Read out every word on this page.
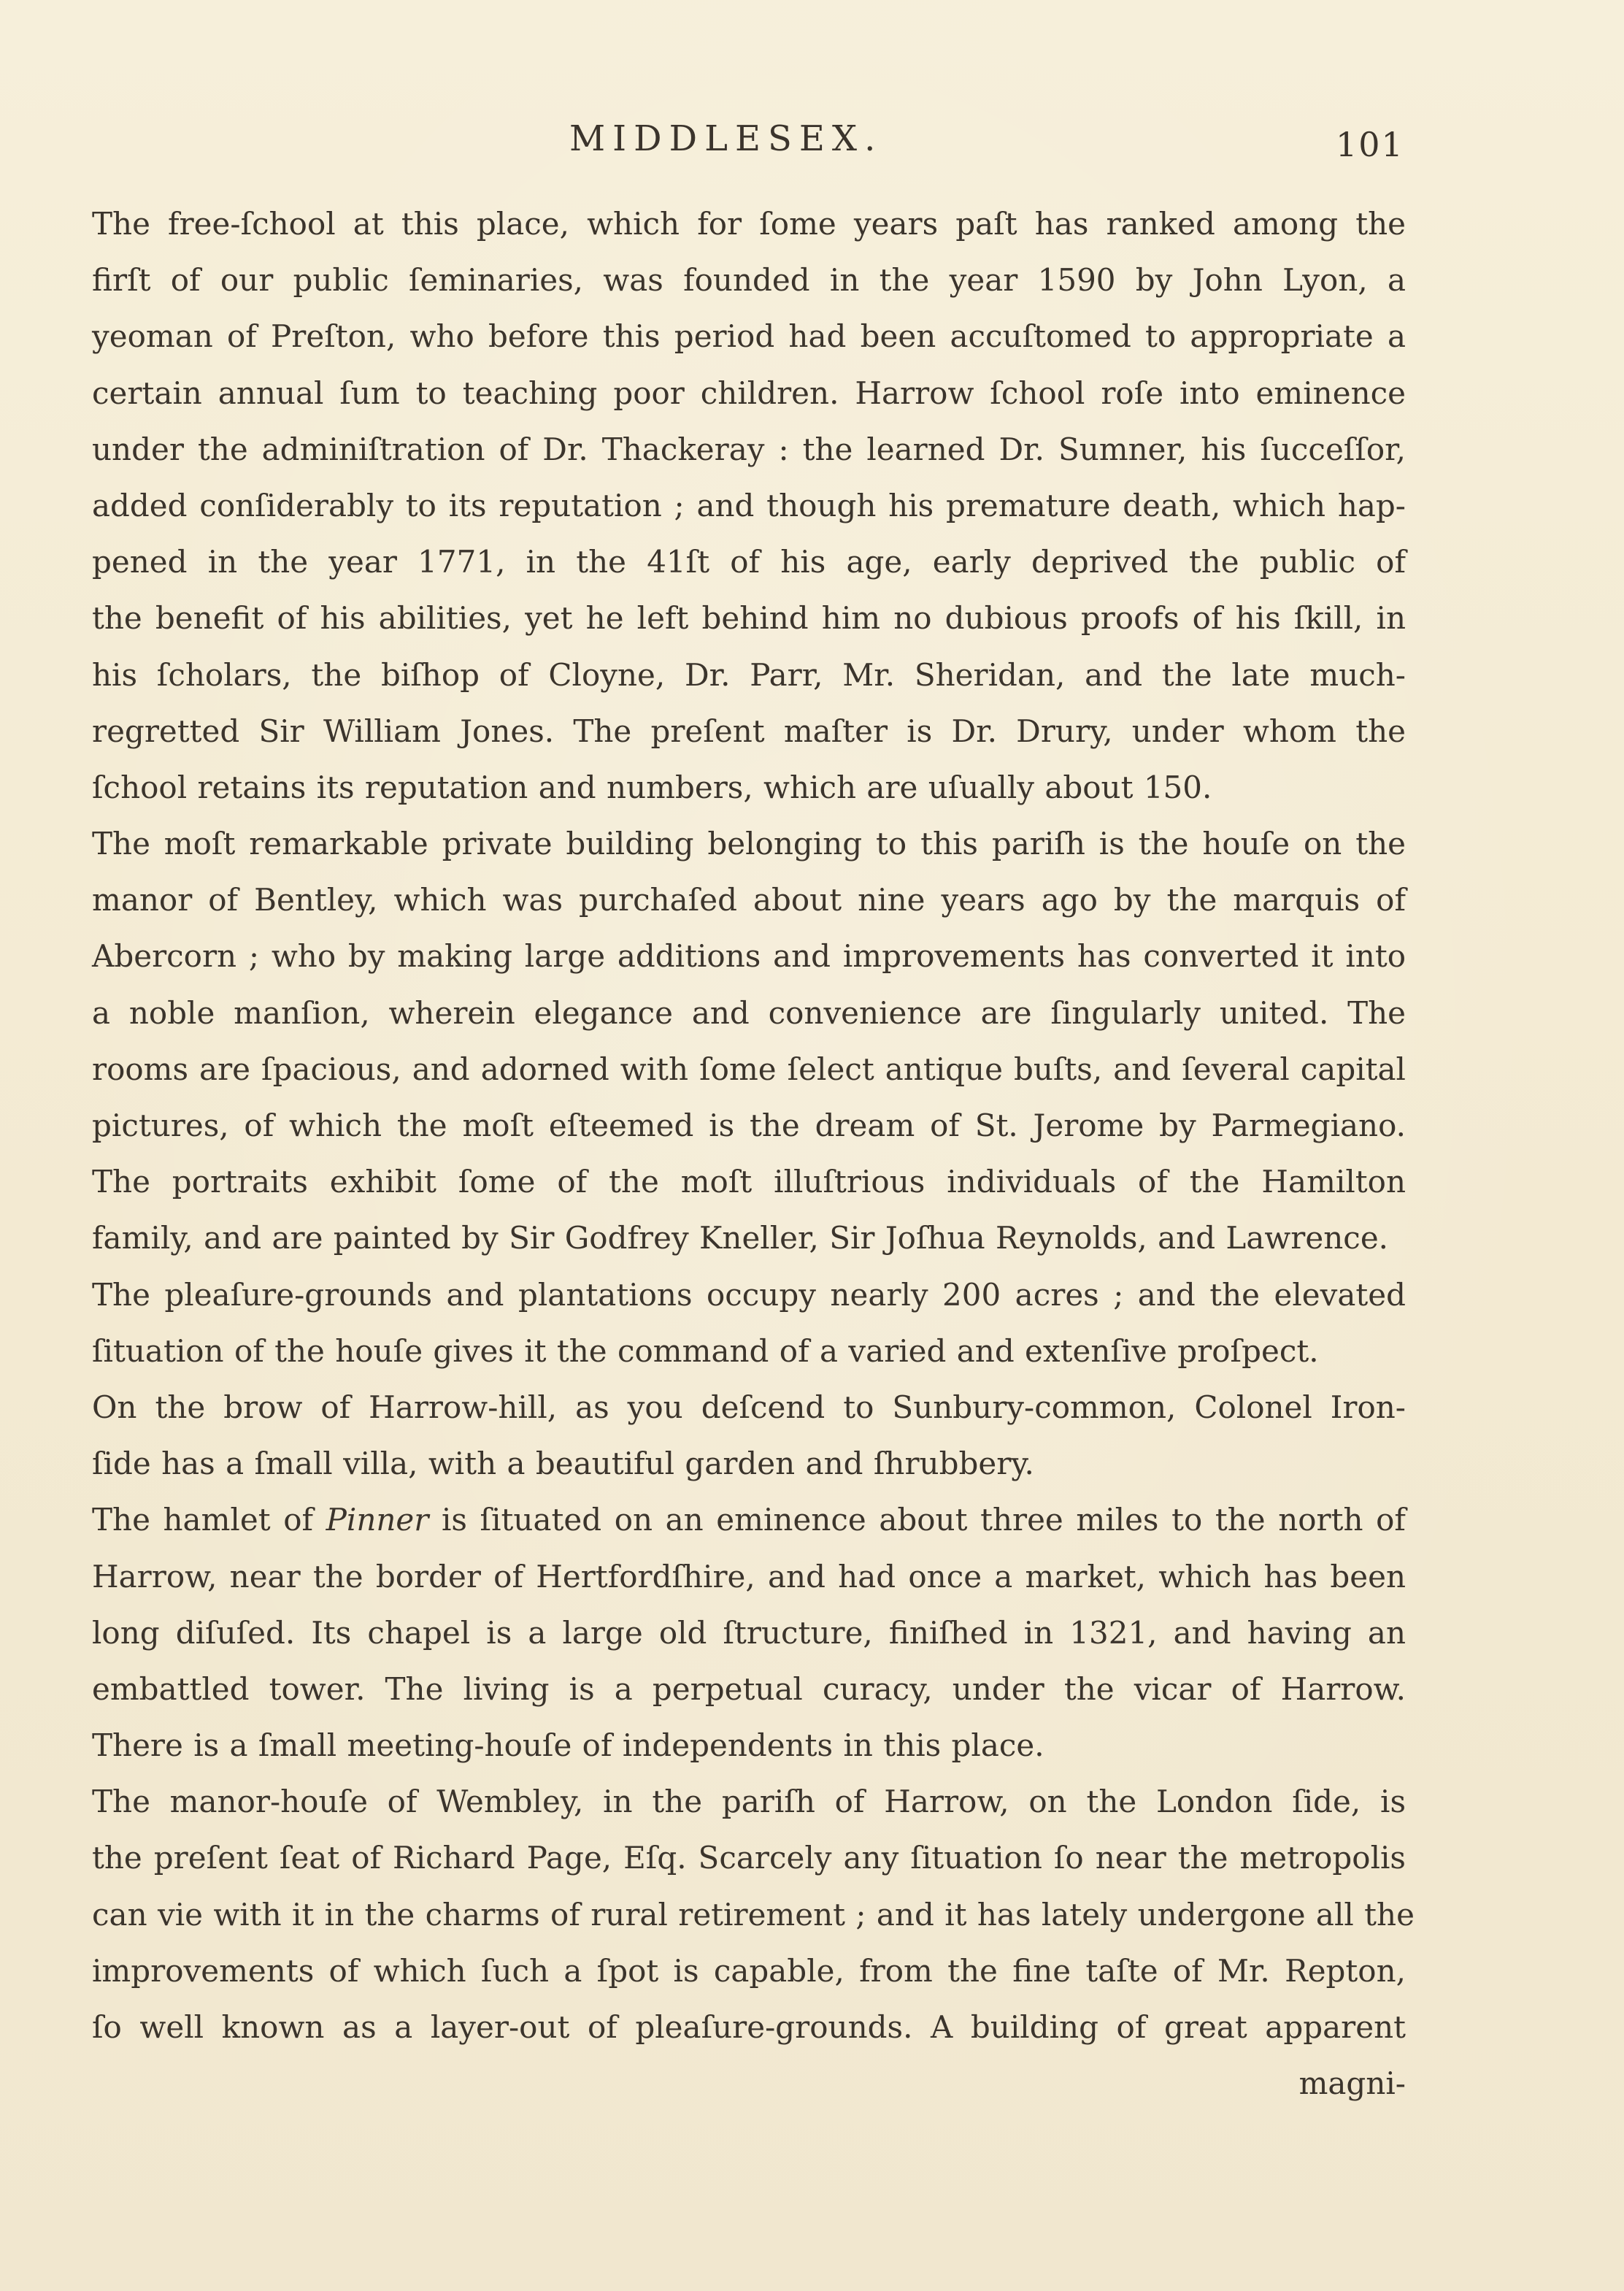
MIDDLESEX.	101
The free-ſchool at this place, which for ſome years paſt has ranked among the
firſt of our public ſeminaries, was founded in the year 1590 by John Lyon, a
yeoman of Preſton, who before this period had been accuſtomed to appropriate a
certain annual ſum to teaching poor children. Harrow ſchool roſe into eminence
under the adminiſtration of Dr. Thackeray : the learned Dr. Sumner, his ſucceſſor,
added conſiderably to its reputation ; and though his premature death, which hap-
pened in the year 1771, in the 41ſt of his age, early deprived the public of
the benefit of his abilities, yet he left behind him no dubious proofs of his ſkill, in
his ſcholars, the biſhop of Cloyne, Dr. Parr, Mr. Sheridan, and the late much-
regretted Sir William Jones. The preſent maſter is Dr. Drury, under whom the
ſchool retains its reputation and numbers, which are uſually about 150.
The moſt remarkable private building belonging to this pariſh is the houſe on the
manor of Bentley, which was purchaſed about nine years ago by the marquis of
Abercorn ; who by making large additions and improvements has converted it into
a noble manſion, wherein elegance and convenience are ſingularly united. The
rooms are ſpacious, and adorned with ſome ſelect antique buſts, and ſeveral capital
pictures, of which the moſt eſteemed is the dream of St. Jerome by Parmegiano.
The portraits exhibit ſome of the moſt illuſtrious individuals of the Hamilton
family, and are painted by Sir Godfrey Kneller, Sir Joſhua Reynolds, and Lawrence.
The pleaſure-grounds and plantations occupy nearly 200 acres ; and the elevated
ſituation of the houſe gives it the command of a varied and extenſive proſpect.
On the brow of Harrow-hill, as you deſcend to Sunbury-common, Colonel Iron-
ſide has a ſmall villa, with a beautiful garden and ſhrubbery.
The hamlet of Pinner is ſituated on an eminence about three miles to the north of
Harrow, near the border of Hertfordſhire, and had once a market, which has been
long diſuſed. Its chapel is a large old ſtructure, finiſhed in 1321, and having an
embattled tower. The living is a perpetual curacy, under the vicar of Harrow.
There is a ſmall meeting-houſe of independents in this place.
The manor-houſe of Wembley, in the pariſh of Harrow, on the London ſide, is
the preſent ſeat of Richard Page, Eſq. Scarcely any ſituation ſo near the metropolis
can vie with it in the charms of rural retirement ; and it has lately undergone all the
improvements of which ſuch a ſpot is capable, from the fine taſte of Mr. Repton,
ſo well known as a layer-out of pleaſure-grounds. A building of great apparent
magni-
